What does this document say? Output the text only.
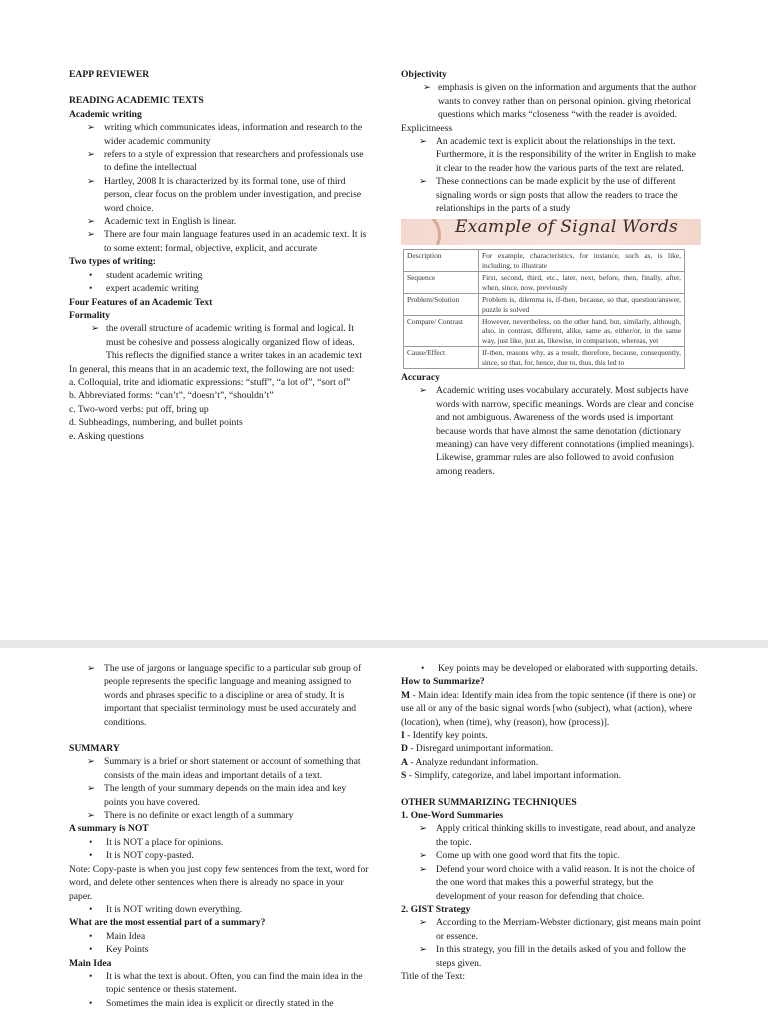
EAPP REVIEWER

READING ACADEMIC TEXTS

Academic writing

➢ writing which communicates ideas, information and research to the wider academic community
➢ refers to a style of expression that researchers and professionals use to define the intellectual
➢ Hartley, 2008 It is characterized by its formal tone, use of third person, clear focus on the problem under investigation, and precise word choice.
➢ Academic text in English is linear.
➢ There are four main language features used in an academic text. It is to some extent: formal, objective, explicit, and accurate

Two types of writing:

• student academic writing
• expert academic writing

Four Features of an Academic Text

Formality

➢ the overall structure of academic writing is formal and logical. It must be cohesive and possess alogically organized flow of ideas. This reflects the dignified stance a writer takes in an academic text

In general, this means that in an academic text, the following are not used:

a. Colloquial, trite and idiomatic expressions: “stuff”, “a lot of”, “sort of”

b. Abbreviated forms: “can’t”, “doesn’t”, “shouldn’t”

c. Two-word verbs: put off, bring up

d. Subheadings, numbering, and bullet points

e. Asking questions

Objectivity

➢ emphasis is given on the information and arguments that the author wants to convey rather than on personal opinion. giving rhetorical questions which marks “closeness “with the reader is avoided.

Explicitneess

➢ An academic text is explicit about the relationships in the text. Furthermore, it is the responsibility of the writer in English to make it clear to the reader how the various parts of the text are related.
➢ These connections can be made explicit by the use of different signaling words or sign posts that allow the readers to trace the relationships in the parts of a study
Example of Signal Words
Description	For example, characteristics, for instance, such as, is like, including, to illustrate
Sequence	First, second, third, etc., later, next, before, then, finally, after, when, since, now, previously
Problem/Solution	Problem is, dilemma is, if-then, because, so that, question/answer, puzzle is solved
Compare/ Contrast	However, nevertheless, on the other hand, but, similarly, although, also, in contrast, different, alike, same as, either/or, in the same way, just like, just as, likewise, in comparison, whereas, yet
Cause/Effect	If-then, reasons why, as a result, therefore, because, consequently, since, so that, for, hence, due to, thus, this led to

Accuracy

➢ Academic writing uses vocabulary accurately. Most subjects have words with narrow, specific meanings. Words are clear and concise and not ambiguous. Awareness of the words used is important because words that have almost the same denotation (dictionary meaning) can have very different connotations (implied meanings). Likewise, grammar rules are also followed to avoid confusion among readers.
➢ The use of jargons or language specific to a particular sub group of people represents the specific language and meaning assigned to words and phrases specific to a discipline or area of study. It is important that specialist terminology must be used accurately and conditions.

SUMMARY

➢ Summary is a brief or short statement or account of something that consists of the main ideas and important details of a text.
➢ The length of your summary depends on the main idea and key points you have covered.
➢ There is no definite or exact length of a summary

A summary is NOT

• It is NOT a place for opinions.
• It is NOT copy-pasted.

Note: Copy-paste is when you just copy few sentences from the text, word for word, and delete other sentences when there is already no space in your paper.

• It is NOT writing down everything.

What are the most essential part of a summary?

• Main Idea
• Key Points

Main Idea

• It is what the text is about. Often, you can find the main idea in the topic sentence or thesis statement.
• Sometimes the main idea is explicit or directly stated in the
• Key points may be developed or elaborated with supporting details.

How to Summarize?

M - Main idea: Identify main idea from the topic sentence (if there is one) or use all or any of the basic signal words [who (subject), what (action), where (location), when (time), why (reason), how (process)].

I - Identify key points.

D - Disregard unimportant information.

A - Analyze redundant information.

S - Simplify, categorize, and label important information.

OTHER SUMMARIZING TECHNIQUES

1. One-Word Summaries

➢ Apply critical thinking skills to investigate, read about, and analyze the topic.
➢ Come up with one good word that fits the topic.
➢ Defend your word choice with a valid reason. It is not the choice of the one word that makes this a powerful strategy, but the development of your reason for defending that choice.

2. GIST Strategy

➢ According to the Merriam-Webster dictionary, gist means main point or essence.
➢ In this strategy, you fill in the details asked of you and follow the steps given.

Title of the Text:
